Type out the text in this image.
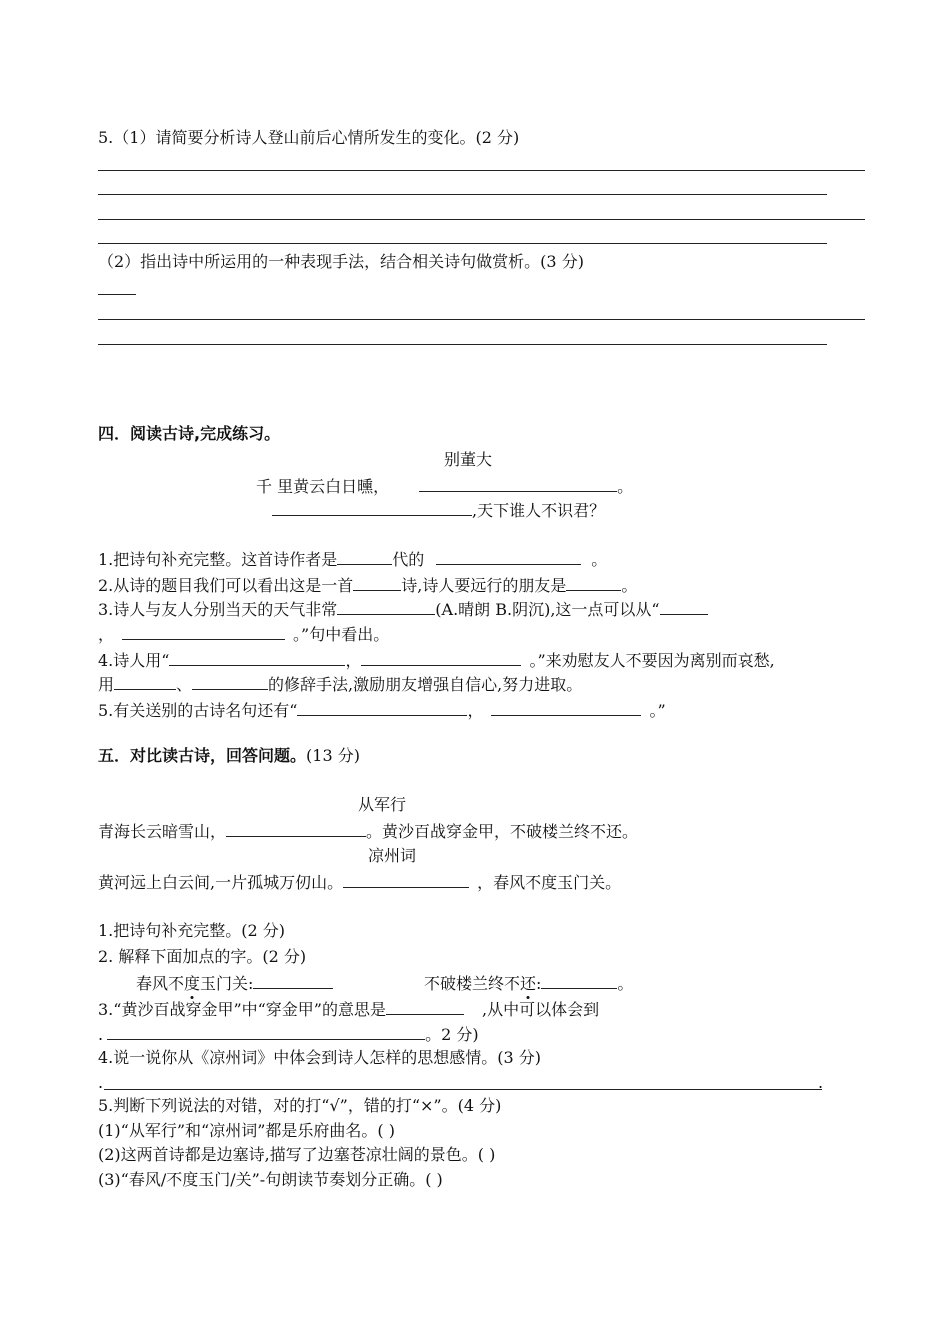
5.（1）请简要分析诗人登山前后心情所发生的变化。(2 分)
（2）指出诗中所运用的一种表现手法，结合相关诗句做赏析。(3 分)
四．阅读古诗,完成练习。
别董大
千 里黄云白日曛，	。
,天下谁人不识君？
1.把诗句补充完整。这首诗作者是	代的	。
2.从诗的题目我们可以看出这是一首	诗,诗人要远行的朋友是	。
3.诗人与友人分别当天的天气非常	(A.晴朗 B.阴沉),这一点可以从“
，	。”句中看出。
4.诗人用“	，	。”来劝慰友人不要因为离别而哀愁,
用	、	的修辞手法,激励朋友增强自信心,努力进取。
5.有关送别的古诗名句还有“	，	。”
五．对比读古诗，回答问题。(13 分)
从军行
青海长云暗雪山，	。黄沙百战穿金甲，不破楼兰终不还。
凉州词
黄河远上白云间,一片孤城万仞山。	，春风不度玉门关。
1.把诗句补充完整。(2 分)
2. 解释下面加点的字。(2 分)
春风不度玉门关:	不破楼兰终不还:	。
3.“黄沙百战穿金甲”中“穿金甲”的意思是	,从中可以体会到
.	。2 分)
4.说一说你从《凉州词》中体会到诗人怎样的思想感情。(3 分)
.	.
5.判断下列说法的对错，对的打“√”，错的打“×”。(4 分)
(1)“从军行”和“凉州词”都是乐府曲名。( )
(2)这两首诗都是边塞诗,描写了边塞苍凉壮阔的景色。( )
(3)“春风/不度玉门/关”-句朗读节奏划分正确。( )
